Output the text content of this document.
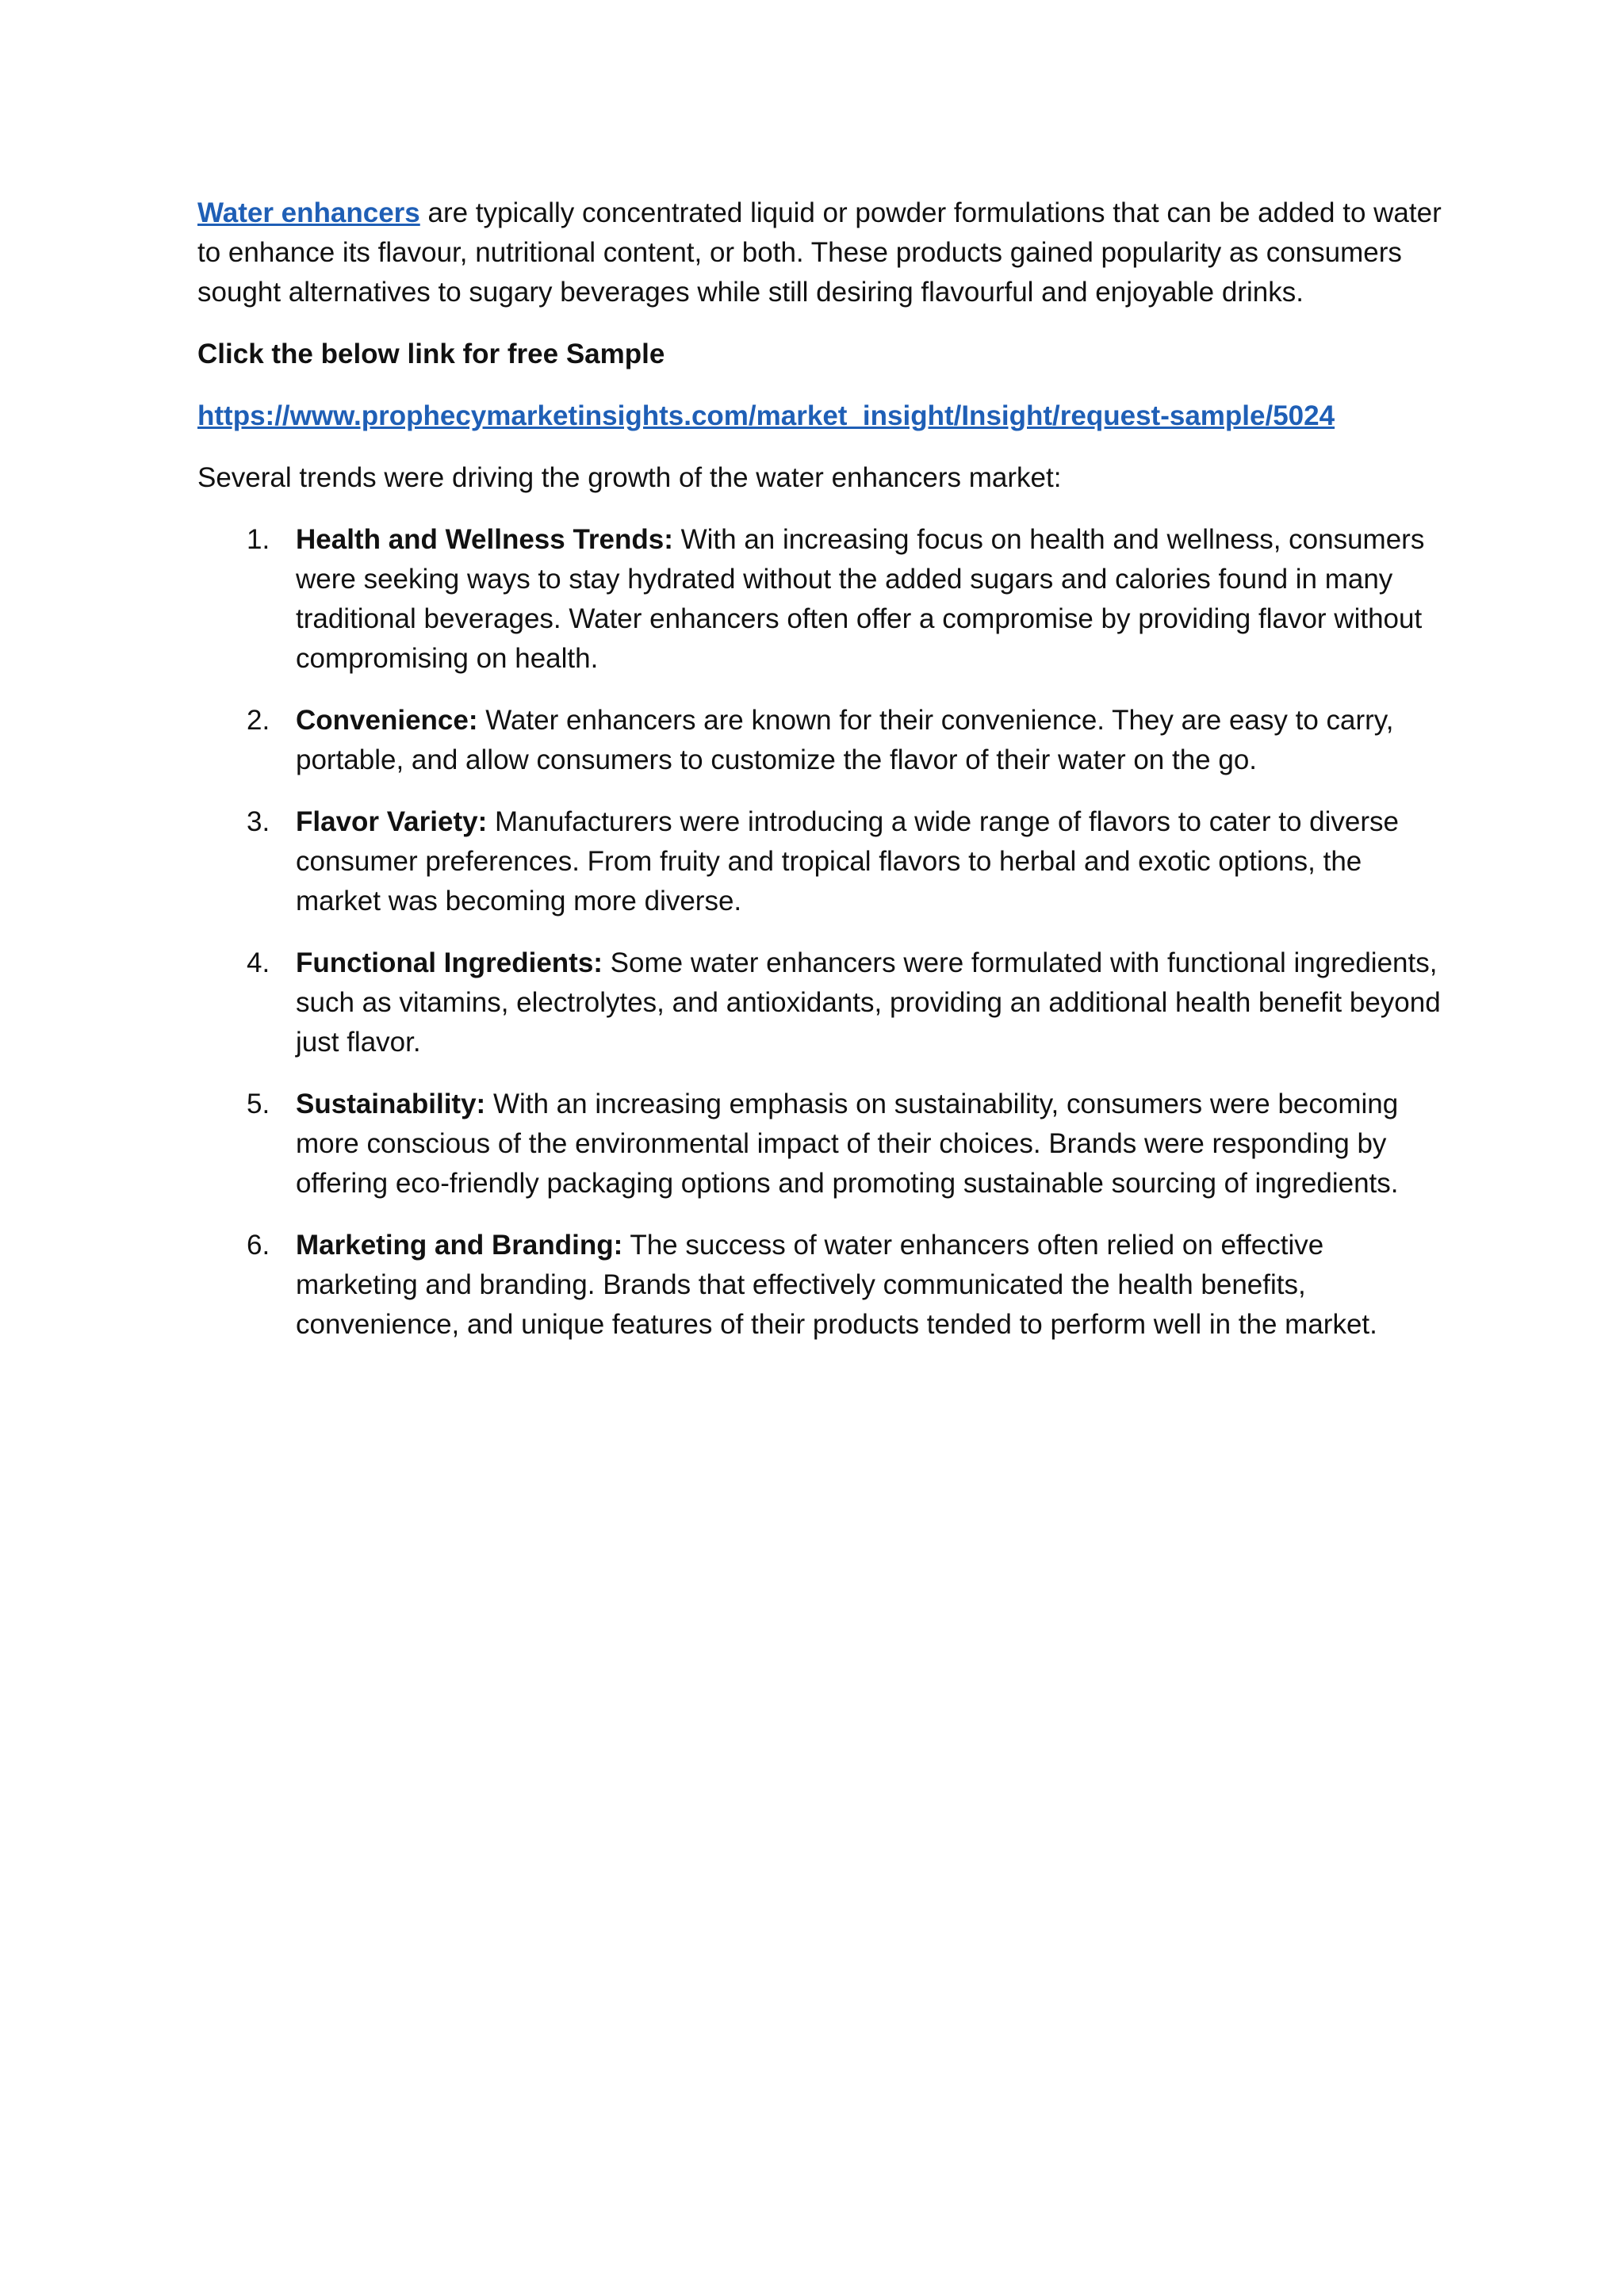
Water enhancers are typically concentrated liquid or powder formulations that can be added to water to enhance its flavour, nutritional content, or both. These products gained popularity as consumers sought alternatives to sugary beverages while still desiring flavourful and enjoyable drinks.

Click the below link for free Sample

https://www.prophecymarketinsights.com/market_insight/Insight/request-sample/5024

Several trends were driving the growth of the water enhancers market:

1. Health and Wellness Trends: With an increasing focus on health and wellness, consumers were seeking ways to stay hydrated without the added sugars and calories found in many traditional beverages. Water enhancers often offer a compromise by providing flavor without compromising on health.
2. Convenience: Water enhancers are known for their convenience. They are easy to carry, portable, and allow consumers to customize the flavor of their water on the go.
3. Flavor Variety: Manufacturers were introducing a wide range of flavors to cater to diverse consumer preferences. From fruity and tropical flavors to herbal and exotic options, the market was becoming more diverse.
4. Functional Ingredients: Some water enhancers were formulated with functional ingredients, such as vitamins, electrolytes, and antioxidants, providing an additional health benefit beyond just flavor.
5. Sustainability: With an increasing emphasis on sustainability, consumers were becoming more conscious of the environmental impact of their choices. Brands were responding by offering eco-friendly packaging options and promoting sustainable sourcing of ingredients.
6. Marketing and Branding: The success of water enhancers often relied on effective marketing and branding. Brands that effectively communicated the health benefits, convenience, and unique features of their products tended to perform well in the market.
